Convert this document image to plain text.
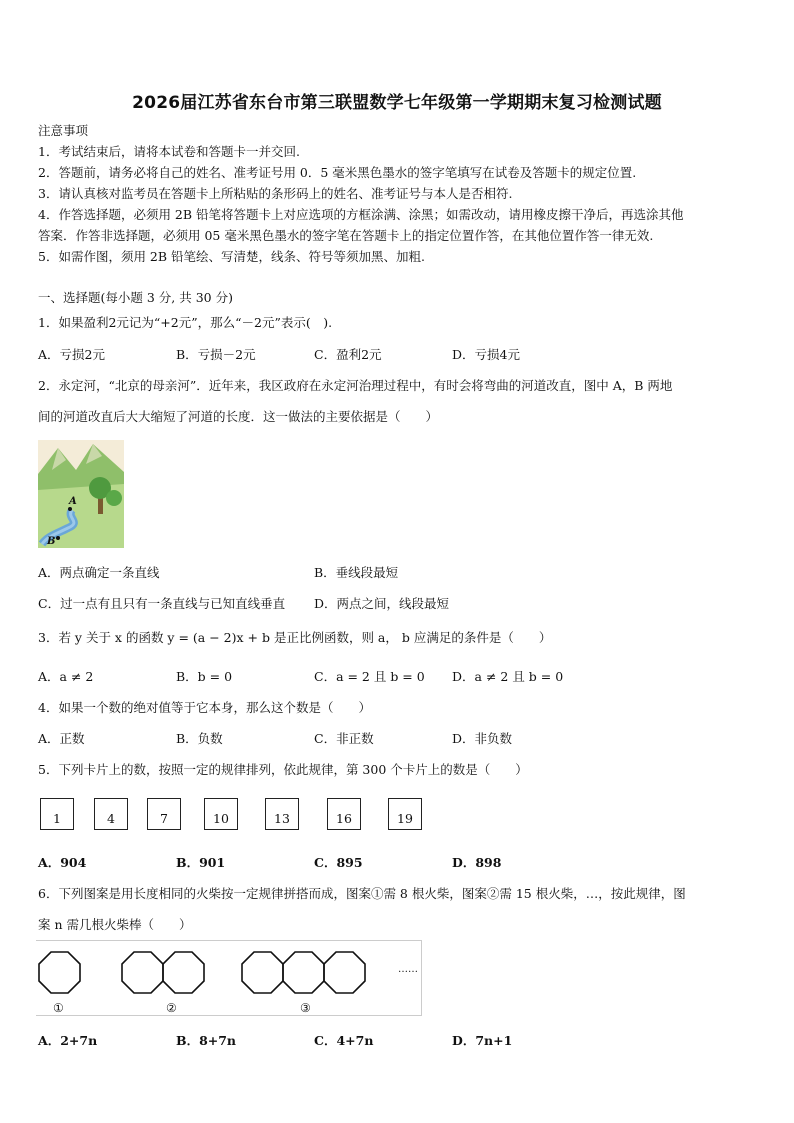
2026届江苏省东台市第三联盟数学七年级第一学期期末复习检测试题
注意事项
1．考试结束后，请将本试卷和答题卡一并交回.
2．答题前，请务必将自己的姓名、准考证号用 0．5 毫米黑色墨水的签字笔填写在试卷及答题卡的规定位置.
3．请认真核对监考员在答题卡上所粘贴的条形码上的姓名、准考证号与本人是否相符.
4．作答选择题，必须用 2B 铅笔将答题卡上对应选项的方框涂满、涂黑；如需改动，请用橡皮擦干净后，再选涂其他
答案．作答非选择题，必须用 05 毫米黑色墨水的签字笔在答题卡上的指定位置作答，在其他位置作答一律无效.
5．如需作图，须用 2B 铅笔绘、写清楚，线条、符号等须加黑、加粗.
一、选择题(每小题 3 分, 共 30 分)
1．如果盈利2元记为“+2元”，那么“－2元”表示(　).
A．亏损2元	B．亏损－2元	C．盈利2元	D．亏损4元
2．永定河，“北京的母亲河”．近年来，我区政府在永定河治理过程中，有时会将弯曲的河道改直，图中 A，B 两地
间的河道改直后大大缩短了河道的长度．这一做法的主要依据是（　　）
A
B
A．两点确定一条直线	B．垂线段最短
C．过一点有且只有一条直线与已知直线垂直 D．两点之间，线段最短
3．若 y 关于 x 的函数 y = (a − 2)x + b 是正比例函数，则 a， b 应满足的条件是（　　）
A．a ≠ 2	B．b = 0	C．a = 2 且 b = 0 D．a ≠ 2 且 b = 0
4．如果一个数的绝对值等于它本身，那么这个数是（　　）
A．正数	B．负数	C．非正数	D．非负数
5．下列卡片上的数，按照一定的规律排列，依此规律，第 300 个卡片上的数是（　　）
1	4	7	10	13	16	19
A．904	B．901	C．895	D．898
6．下列图案是用长度相同的火柴按一定规律拼搭而成，图案①需 8 根火柴，图案②需 15 根火柴，…，按此规律，图
案 n 需几根火柴棒（　　）
……
①	②	③
A．2+7n	B．8+7n	C．4+7n	D．7n+1
